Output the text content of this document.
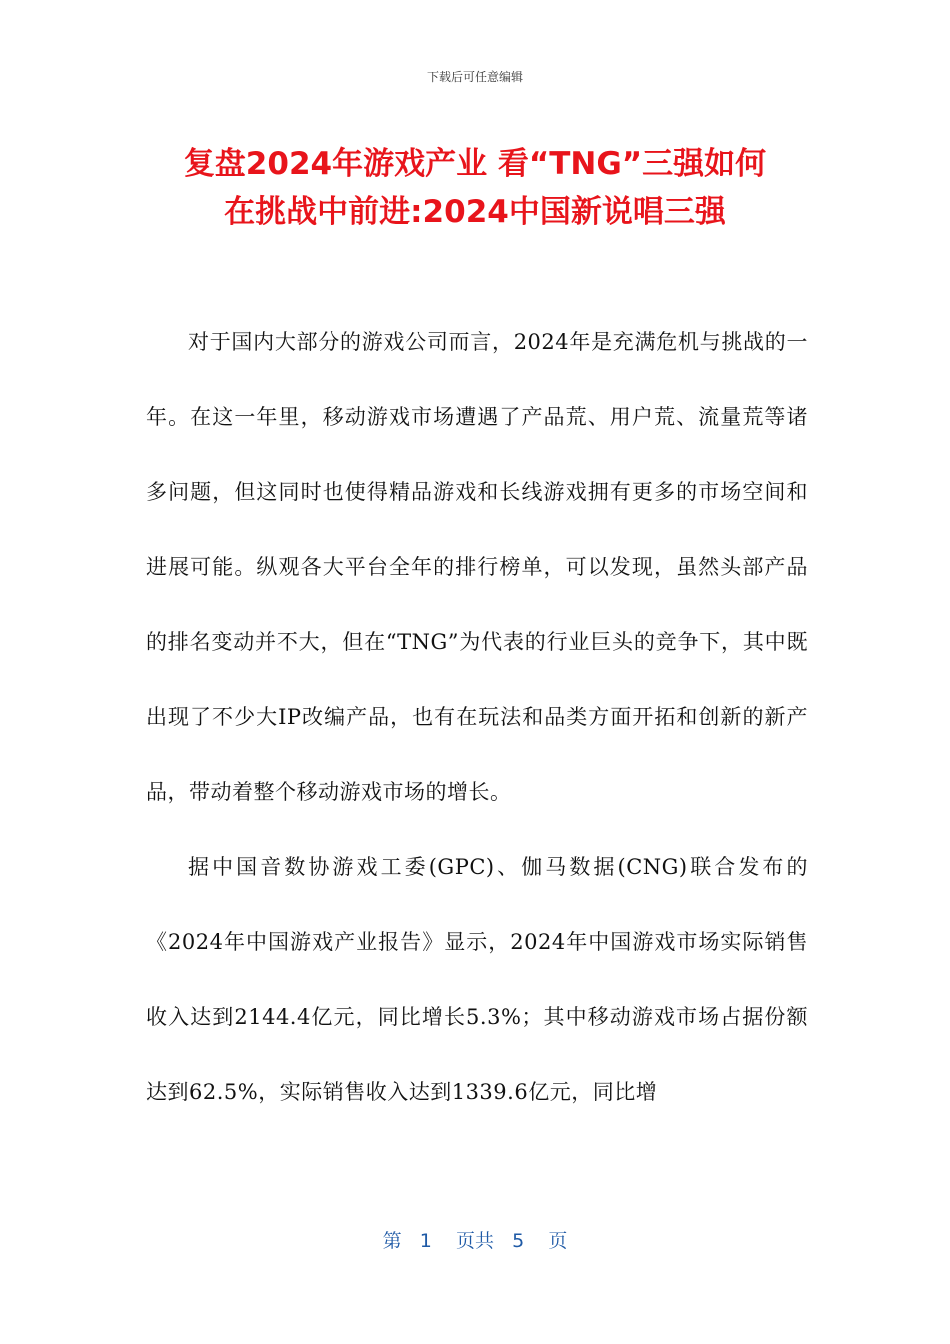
下载后可任意编辑
复盘2024年游戏产业 看“TNG”三强如何
在挑战中前进:2024中国新说唱三强

对于国内大部分的游戏公司而言，2024年是充满危机与挑战的一年。在这一年里，移动游戏市场遭遇了产品荒、用户荒、流量荒等诸多问题，但这同时也使得精品游戏和长线游戏拥有更多的市场空间和进展可能。纵观各大平台全年的排行榜单，可以发现，虽然头部产品的排名变动并不大，但在“TNG”为代表的行业巨头的竞争下，其中既出现了不少大IP改编产品，也有在玩法和品类方面开拓和创新的新产品，带动着整个移动游戏市场的增长。

据中国音数协游戏工委(GPC)、伽马数据(CNG)联合发布的《2024年中国游戏产业报告》显示，2024年中国游戏市场实际销售收入达到2144.4亿元，同比增长5.3%；其中移动游戏市场占据份额达到62.5%，实际销售收入达到1339.6亿元，同比增

第 1 页共 5 页
